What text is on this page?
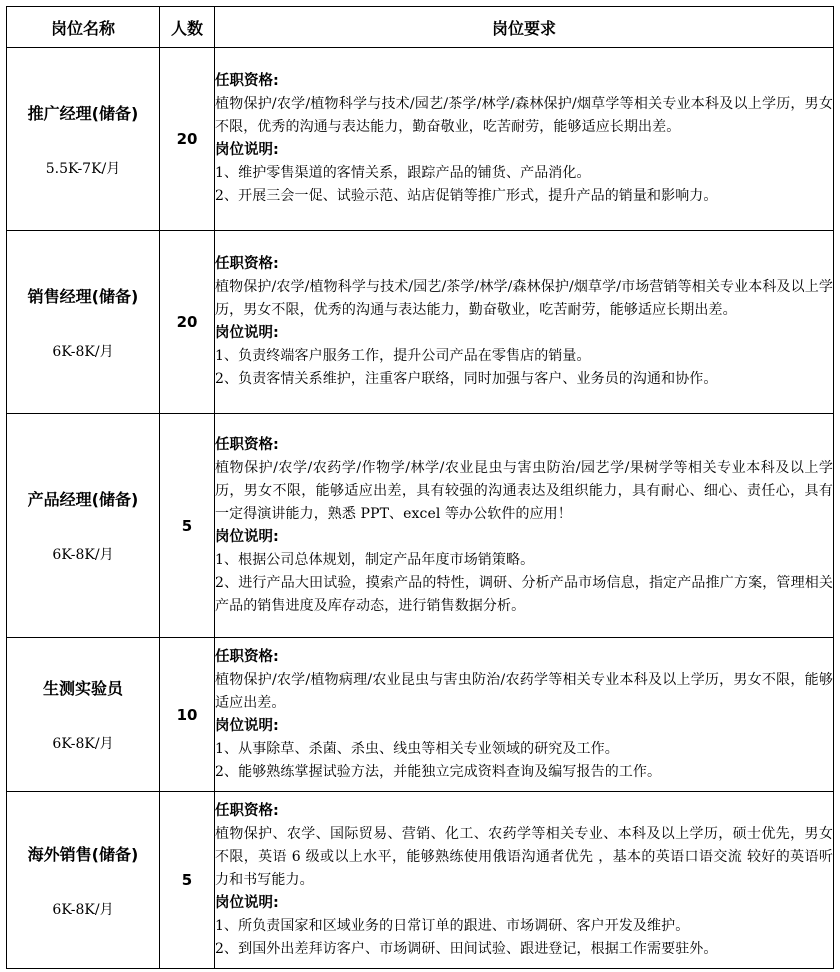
岗位名称	人数	岗位要求

推广经理(储备)
5.5K-7K/月	20	任职资格:
植物保护/农学/植物科学与技术/园艺/茶学/林学/森林保护/烟草学等相关专业本科及以上学历，男女不限，优秀的沟通与表达能力，勤奋敬业，吃苦耐劳，能够适应长期出差。
岗位说明:
1、维护零售渠道的客情关系，跟踪产品的铺货、产品消化。
2、开展三会一促、试验示范、站店促销等推广形式，提升产品的销量和影响力。

销售经理(储备)
6K-8K/月	20	任职资格:
植物保护/农学/植物科学与技术/园艺/茶学/林学/森林保护/烟草学/市场营销等相关专业本科及以上学历，男女不限，优秀的沟通与表达能力，勤奋敬业，吃苦耐劳，能够适应长期出差。
岗位说明:
1、负责终端客户服务工作，提升公司产品在零售店的销量。
2、负责客情关系维护，注重客户联络，同时加强与客户、业务员的沟通和协作。

产品经理(储备)
6K-8K/月	5	任职资格:
植物保护/农学/农药学/作物学/林学/农业昆虫与害虫防治/园艺学/果树学等相关专业本科及以上学历，男女不限，能够适应出差，具有较强的沟通表达及组织能力，具有耐心、细心、责任心，具有一定得演讲能力，熟悉 PPT、excel 等办公软件的应用！
岗位说明:
1、根据公司总体规划，制定产品年度市场销策略。
2、进行产品大田试验，摸索产品的特性，调研、分析产品市场信息，指定产品推广方案，管理相关产品的销售进度及库存动态，进行销售数据分析。

生测实验员
6K-8K/月	10	任职资格:
植物保护/农学/植物病理/农业昆虫与害虫防治/农药学等相关专业本科及以上学历，男女不限，能够适应出差。
岗位说明:
1、从事除草、杀菌、杀虫、线虫等相关专业领域的研究及工作。
2、能够熟练掌握试验方法，并能独立完成资料查询及编写报告的工作。

海外销售(储备)
6K-8K/月	5	任职资格:
植物保护、农学、国际贸易、营销、化工、农药学等相关专业、本科及以上学历，硕士优先，男女不限，英语 6 级或以上水平，能够熟练使用俄语沟通者优先 ，基本的英语口语交流 较好的英语听力和书写能力。
岗位说明:
1、所负责国家和区域业务的日常订单的跟进、市场调研、客户开发及维护。
2、到国外出差拜访客户、市场调研、田间试验、跟进登记，根据工作需要驻外。
